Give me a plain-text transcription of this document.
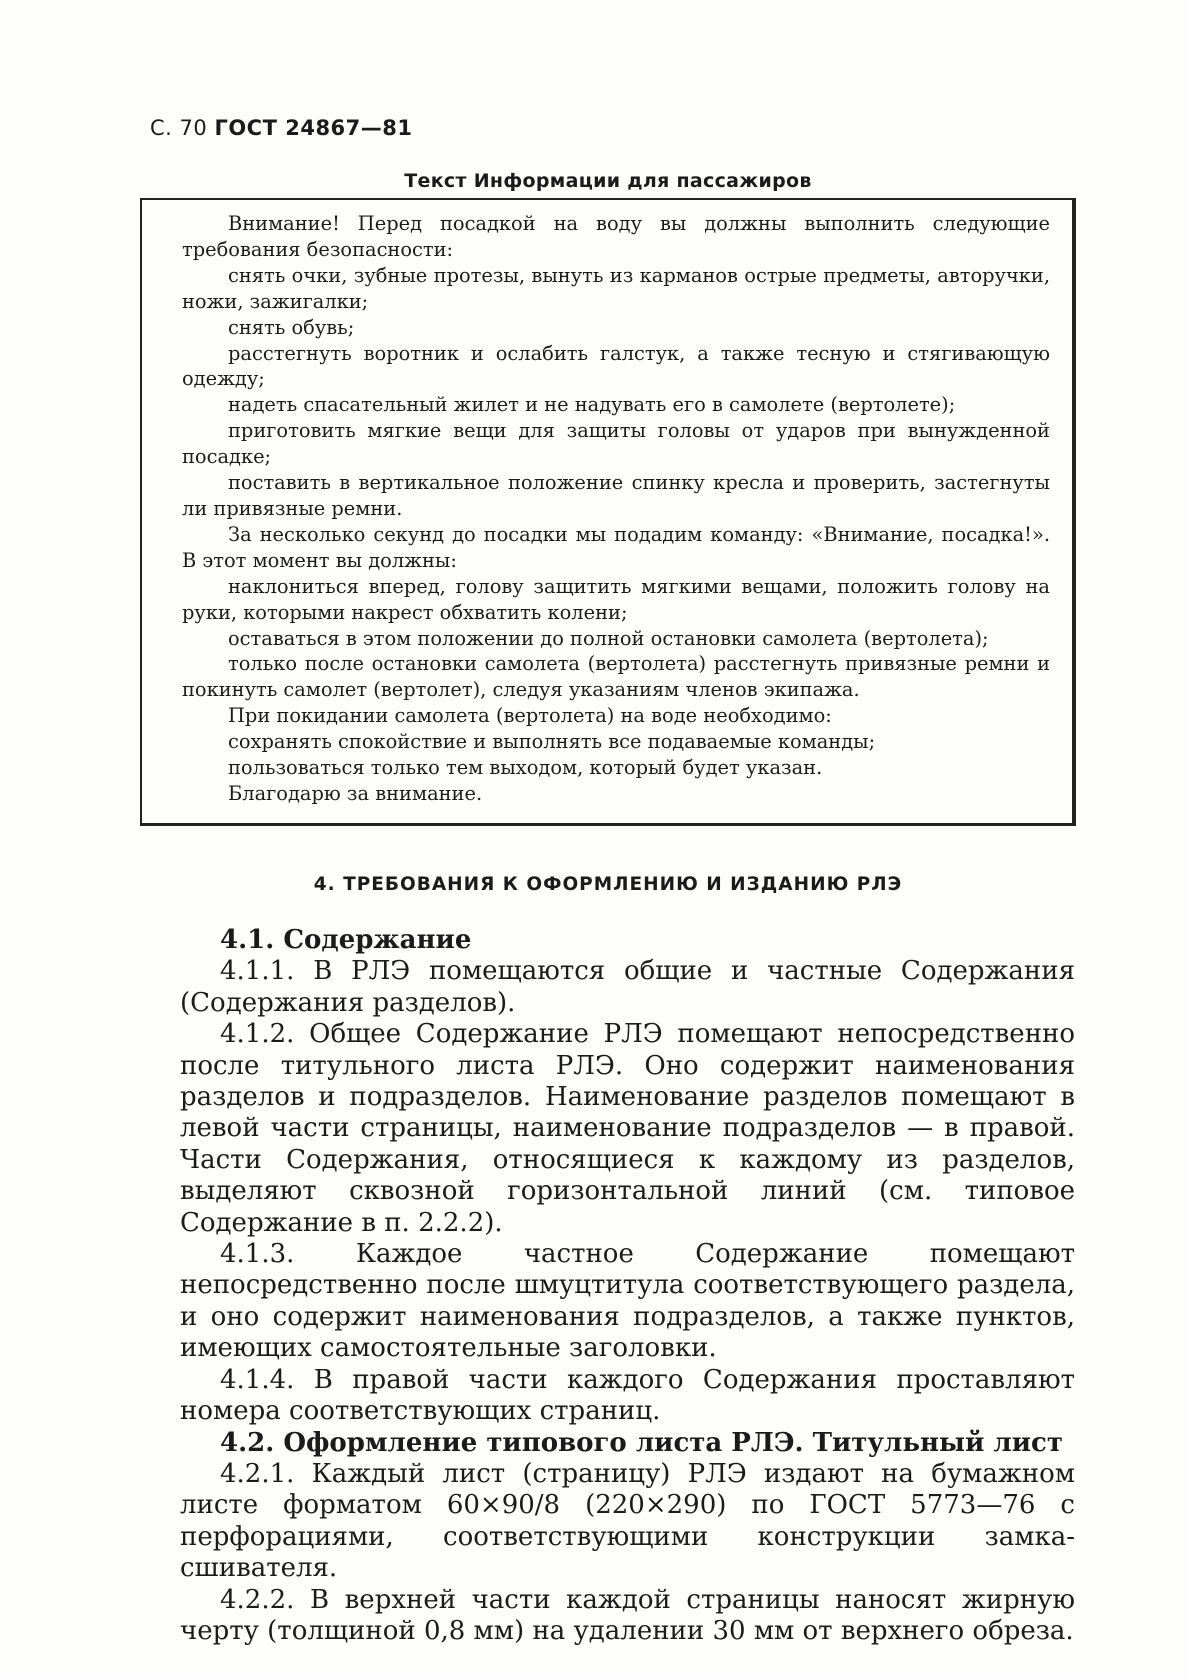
С. 70 ГОСТ 24867—81
Текст Информации для пассажиров

Внимание! Перед посадкой на воду вы должны выполнить следующие требования безопасности:

снять очки, зубные протезы, вынуть из карманов острые предметы, авторучки, ножи, зажигалки;

снять обувь;

расстегнуть воротник и ослабить галстук, а также тесную и стягивающую одежду;

надеть спасательный жилет и не надувать его в самолете (вертолете);

приготовить мягкие вещи для защиты головы от ударов при вынужденной посадке;

поставить в вертикальное положение спинку кресла и проверить, застегнуты ли привязные ремни.

За несколько секунд до посадки мы подадим команду: «Внимание, посадка!». В этот момент вы должны:

наклониться вперед, голову защитить мягкими вещами, положить голову на руки, которыми накрест обхватить колени;

оставаться в этом положении до полной остановки самолета (вертолета);

только после остановки самолета (вертолета) расстегнуть привязные ремни и покинуть самолет (вертолет), следуя указаниям членов экипажа.

При покидании самолета (вертолета) на воде необходимо:

сохранять спокойствие и выполнять все подаваемые команды;

пользоваться только тем выходом, который будет указан.

Благодарю за внимание.

4. ТРЕБОВАНИЯ К ОФОРМЛЕНИЮ И ИЗДАНИЮ РЛЭ

4.1. Содержание

4.1.1. В РЛЭ помещаются общие и частные Содержания (Содержания разделов).

4.1.2. Общее Содержание РЛЭ помещают непосредственно после титульного листа РЛЭ. Оно содержит наименования разделов и подразделов. Наименование разделов помещают в левой части страницы, наименование подразделов — в правой. Части Содержания, относящиеся к каждому из разделов, выделяют сквозной горизонтальной линий (см. типовое Содержание в п. 2.2.2).

4.1.3. Каждое частное Содержание помещают непосредственно после шмуцтитула соответствующего раздела, и оно содержит наименования подразделов, а также пунктов, имеющих самостоятельные заголовки.

4.1.4. В правой части каждого Содержания проставляют номера соответствующих страниц.

4.2. Оформление типового листа РЛЭ. Титульный лист

4.2.1. Каждый лист (страницу) РЛЭ издают на бумажном листе форматом 60×90/8 (220×290) по ГОСТ 5773—76 с перфорациями, соответствующими конструкции замка-сшивателя.

4.2.2. В верхней части каждой страницы наносят жирную черту (толщиной 0,8 мм) на удалении 30 мм от верхнего обреза.
